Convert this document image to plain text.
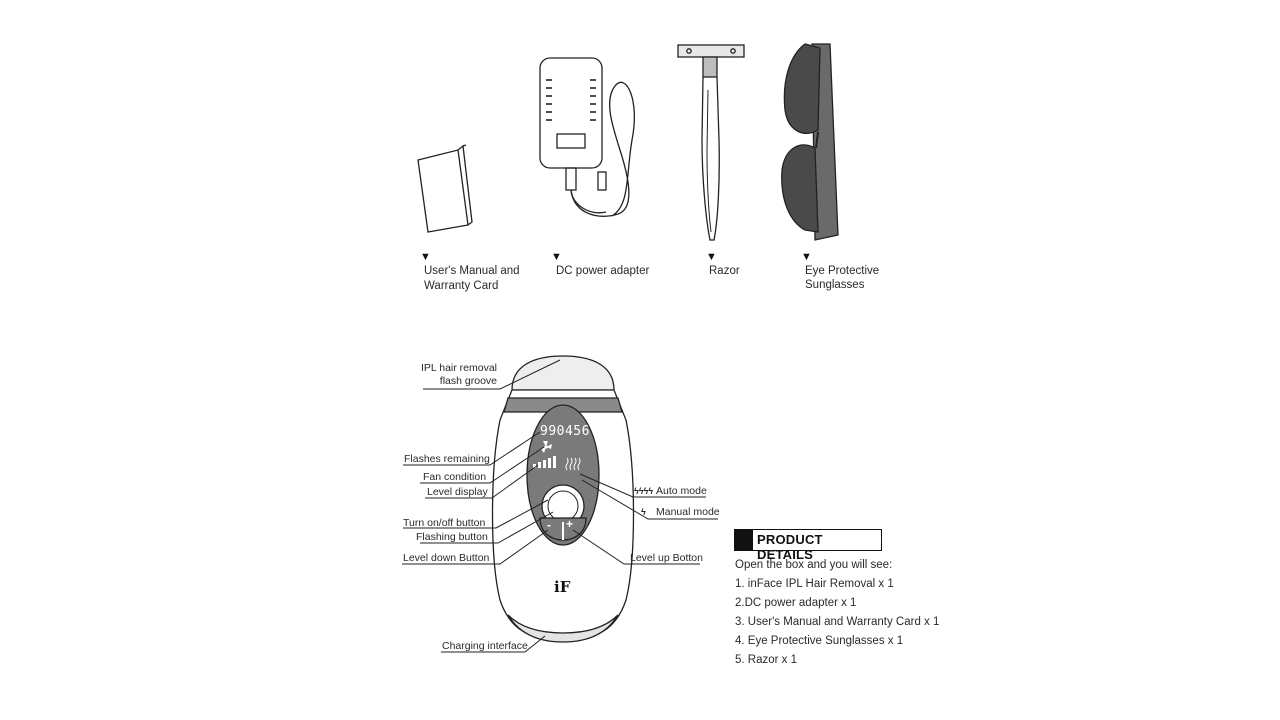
▼
User's Manual and
Warranty Card
▼
DC power adapter
▼
Razor
▼
Eye Protective
Sunglasses
990456
- +
iF
IPL hair removal
flash groove
Flashes remaining
Fan condition
Level display
Turn on/off button
Flashing button
Level down Button
Charging interface
ϟϟϟϟ Auto mode
ϟ Manual mode
Level up Botton
PRODUCT DETAILS
Open the box and you will see:
1. inFace IPL Hair Removal x 1
2.DC power adapter x 1
3. User's Manual and Warranty Card x 1
4. Eye Protective Sunglasses x 1
5. Razor x 1
